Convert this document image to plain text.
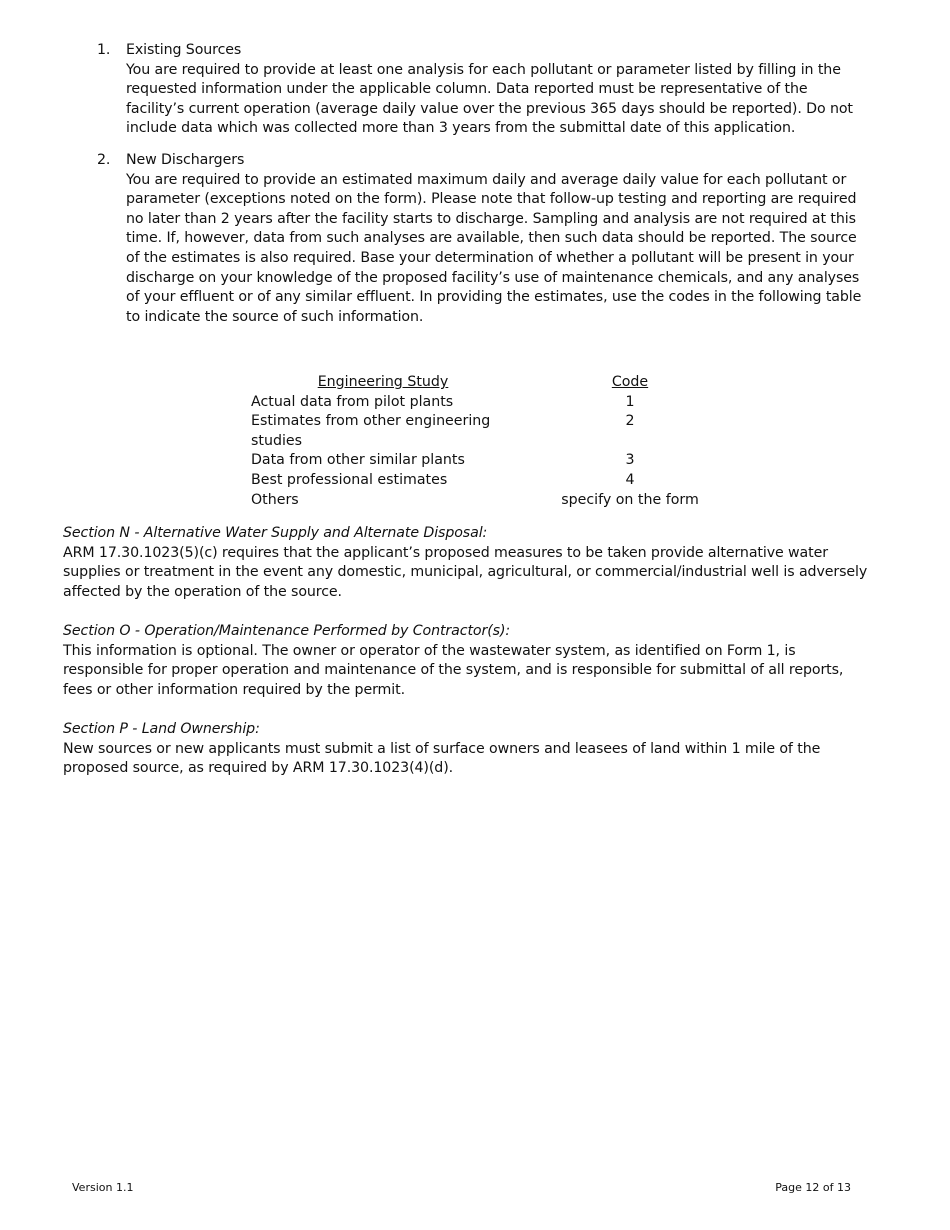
1. Existing Sources
You are required to provide at least one analysis for each pollutant or parameter listed by filling in the requested information under the applicable column. Data reported must be representative of the facility’s current operation (average daily value over the previous 365 days should be reported). Do not include data which was collected more than 3 years from the submittal date of this application.
2. New Dischargers
You are required to provide an estimated maximum daily and average daily value for each pollutant or parameter (exceptions noted on the form). Please note that follow-up testing and reporting are required no later than 2 years after the facility starts to discharge. Sampling and analysis are not required at this time. If, however, data from such analyses are available, then such data should be reported. The source of the estimates is also required. Base your determination of whether a pollutant will be present in your discharge on your knowledge of the proposed facility’s use of maintenance chemicals, and any analyses of your effluent or of any similar effluent. In providing the estimates, use the codes in the following table to indicate the source of such information.
Engineering Study	Code
Actual data from pilot plants	1
Estimates from other engineering studies	2
Data from other similar plants	3
Best professional estimates	4
Others	specify on the form
Section N - Alternative Water Supply and Alternate Disposal:
ARM 17.30.1023(5)(c) requires that the applicant’s proposed measures to be taken provide alternative water supplies or treatment in the event any domestic, municipal, agricultural, or commercial/industrial well is adversely affected by the operation of the source.
Section O - Operation/Maintenance Performed by Contractor(s):
This information is optional. The owner or operator of the wastewater system, as identified on Form 1, is responsible for proper operation and maintenance of the system, and is responsible for submittal of all reports, fees or other information required by the permit.
Section P - Land Ownership:
New sources or new applicants must submit a list of surface owners and leasees of land within 1 mile of the proposed source, as required by ARM 17.30.1023(4)(d).
Version 1.1	Page 12 of 13
